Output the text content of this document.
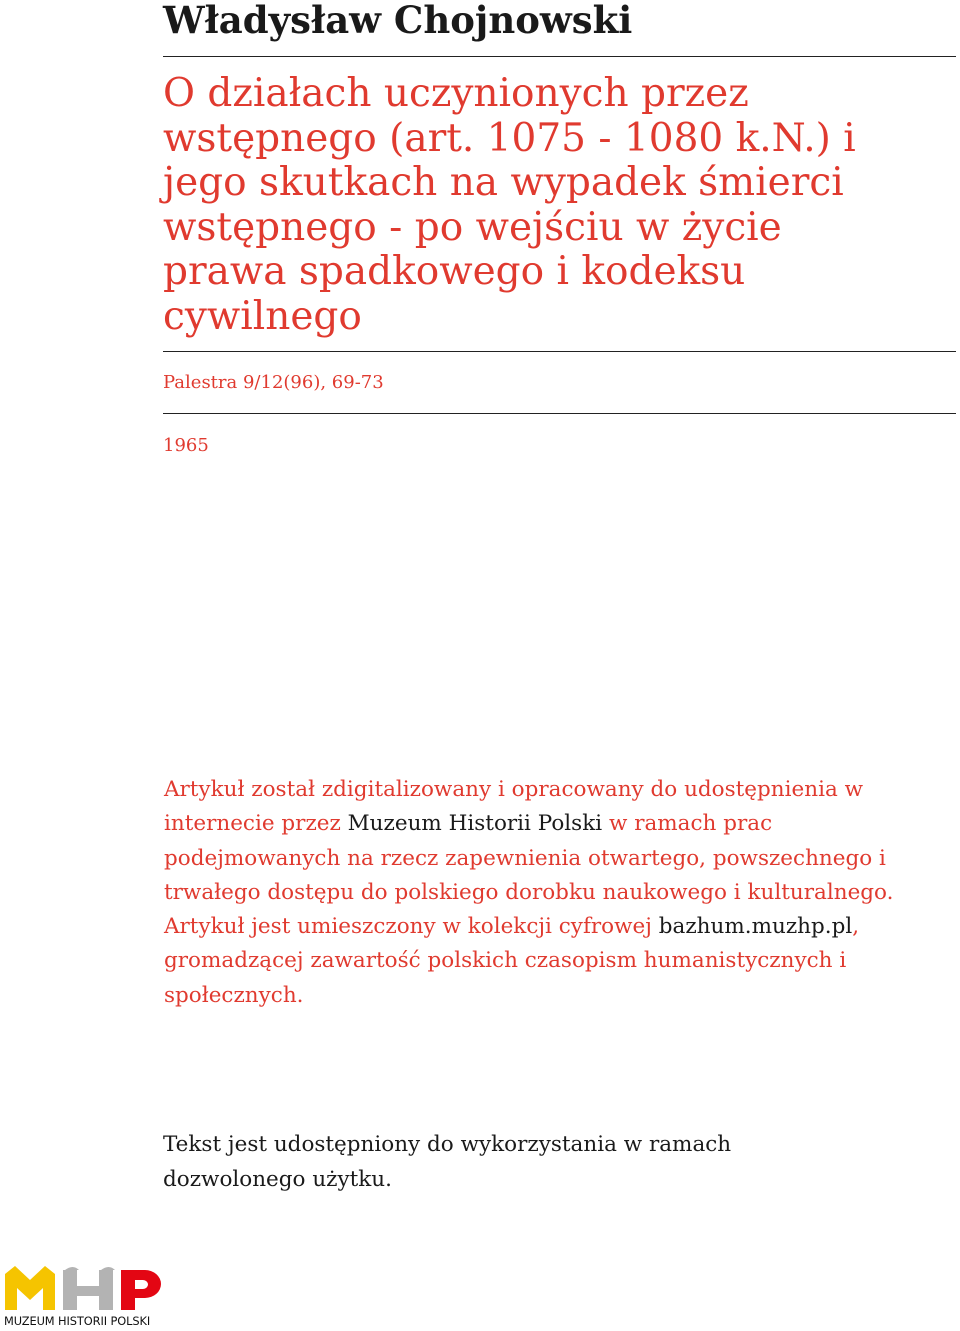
Władysław Chojnowski
O działach uczynionych przez
wstępnego (art. 1075 - 1080 k.N.) i
jego skutkach na wypadek śmierci
wstępnego - po wejściu w życie
prawa spadkowego i kodeksu
cywilnego
Palestra 9/12(96), 69-73
1965

Artykuł został zdigitalizowany i opracowany do udostępnienia w internecie przez Muzeum Historii Polski w ramach prac podejmowanych na rzecz zapewnienia otwartego, powszechnego i trwałego dostępu do polskiego dorobku naukowego i kulturalnego. Artykuł jest umieszczony w kolekcji cyfrowej bazhum.muzhp.pl, gromadzącej zawartość polskich czasopism humanistycznych i społecznych.

Tekst jest udostępniony do wykorzystania w ramach dozwolonego użytku.

MUZEUM HISTORII POLSKI
